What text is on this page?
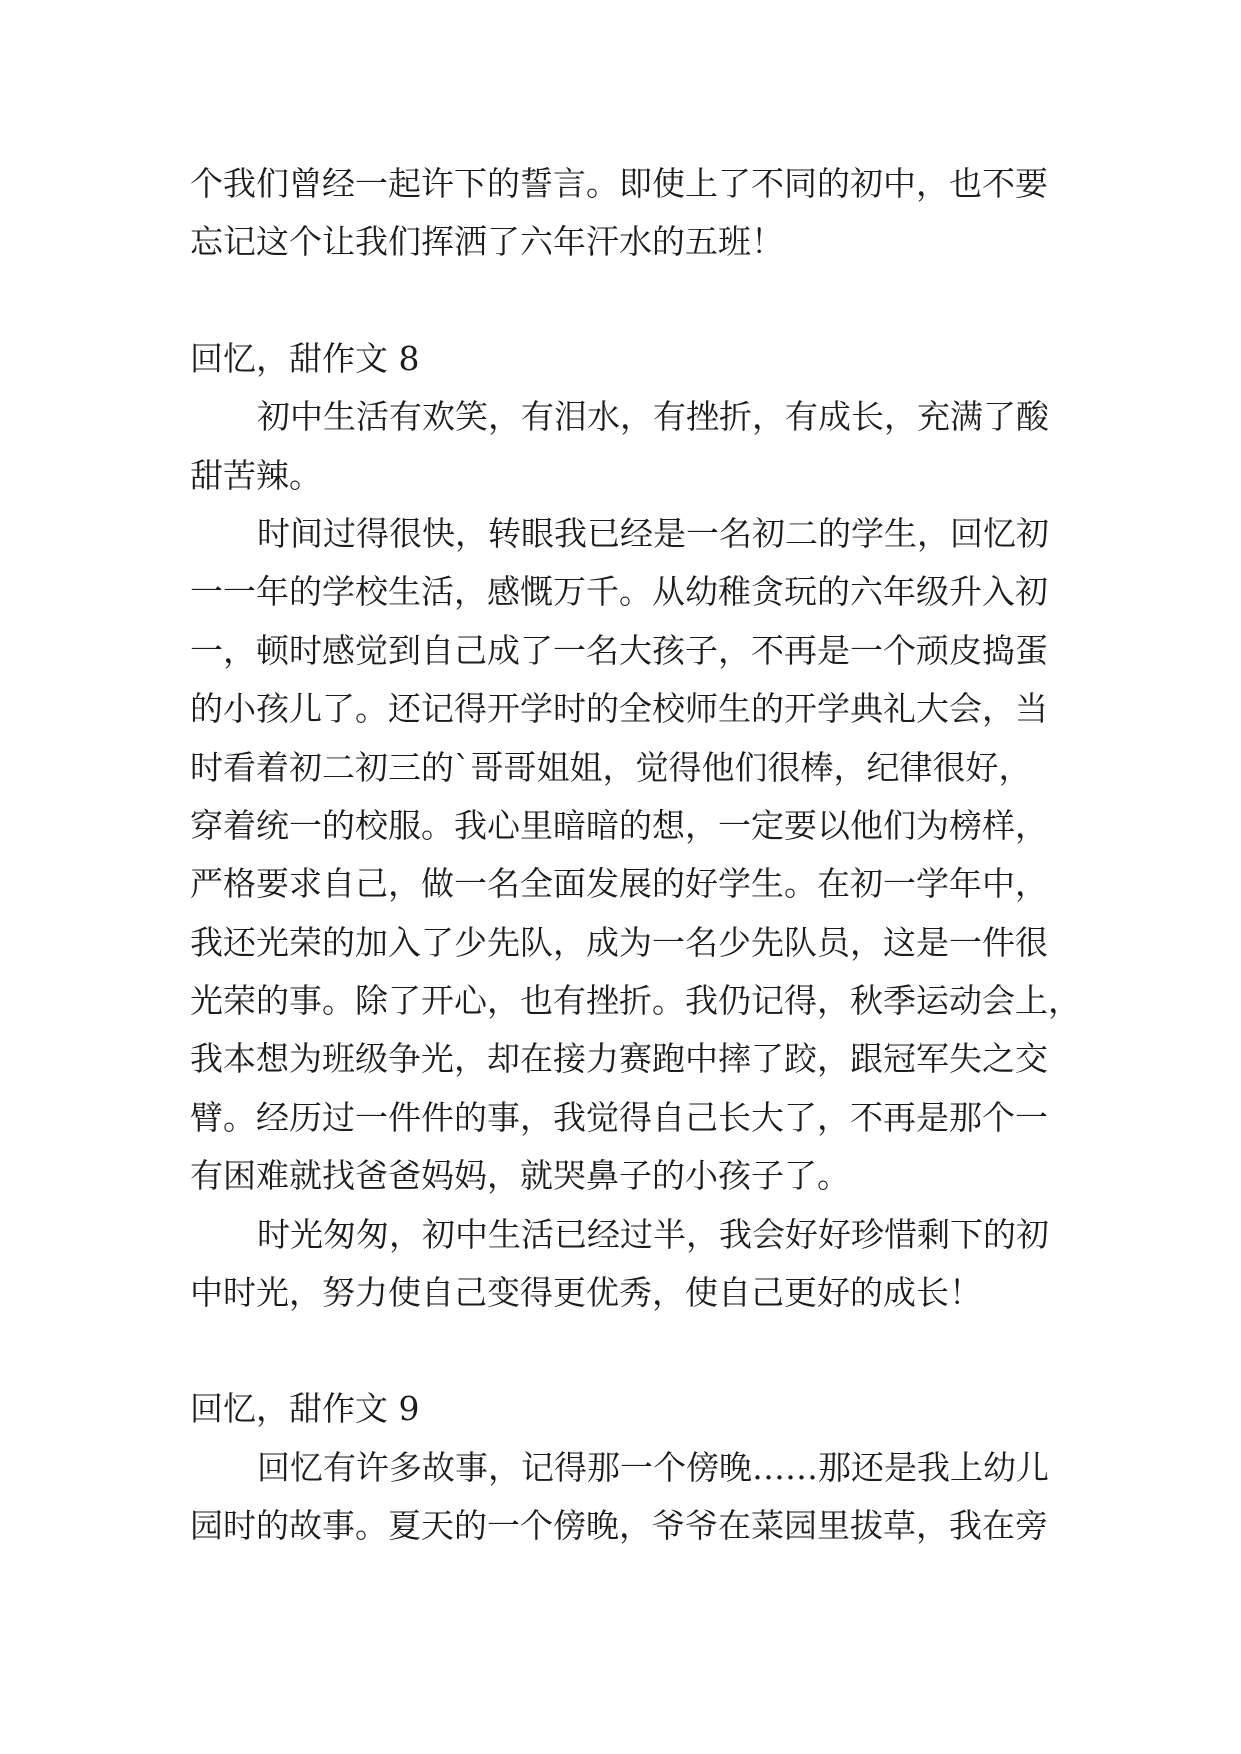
个我们曾经一起许下的誓言。即使上了不同的初中，也不要
忘记这个让我们挥洒了六年汗水的五班！
回忆，甜作文 8
初中生活有欢笑，有泪水，有挫折，有成长，充满了酸
甜苦辣。
时间过得很快，转眼我已经是一名初二的学生，回忆初
一一年的学校生活，感慨万千。从幼稚贪玩的六年级升入初
一，顿时感觉到自己成了一名大孩子，不再是一个顽皮捣蛋
的小孩儿了。还记得开学时的全校师生的开学典礼大会，当
时看着初二初三的`哥哥姐姐，觉得他们很棒，纪律很好，
穿着统一的校服。我心里暗暗的想，一定要以他们为榜样，
严格要求自己，做一名全面发展的好学生。在初一学年中，
我还光荣的加入了少先队，成为一名少先队员，这是一件很
光荣的事。除了开心，也有挫折。我仍记得，秋季运动会上，
我本想为班级争光，却在接力赛跑中摔了跤，跟冠军失之交
臂。经历过一件件的事，我觉得自己长大了，不再是那个一
有困难就找爸爸妈妈，就哭鼻子的小孩子了。
时光匆匆，初中生活已经过半，我会好好珍惜剩下的初
中时光，努力使自己变得更优秀，使自己更好的成长！
回忆，甜作文 9
回忆有许多故事，记得那一个傍晚……那还是我上幼儿
园时的故事。夏天的一个傍晚，爷爷在菜园里拔草，我在旁
